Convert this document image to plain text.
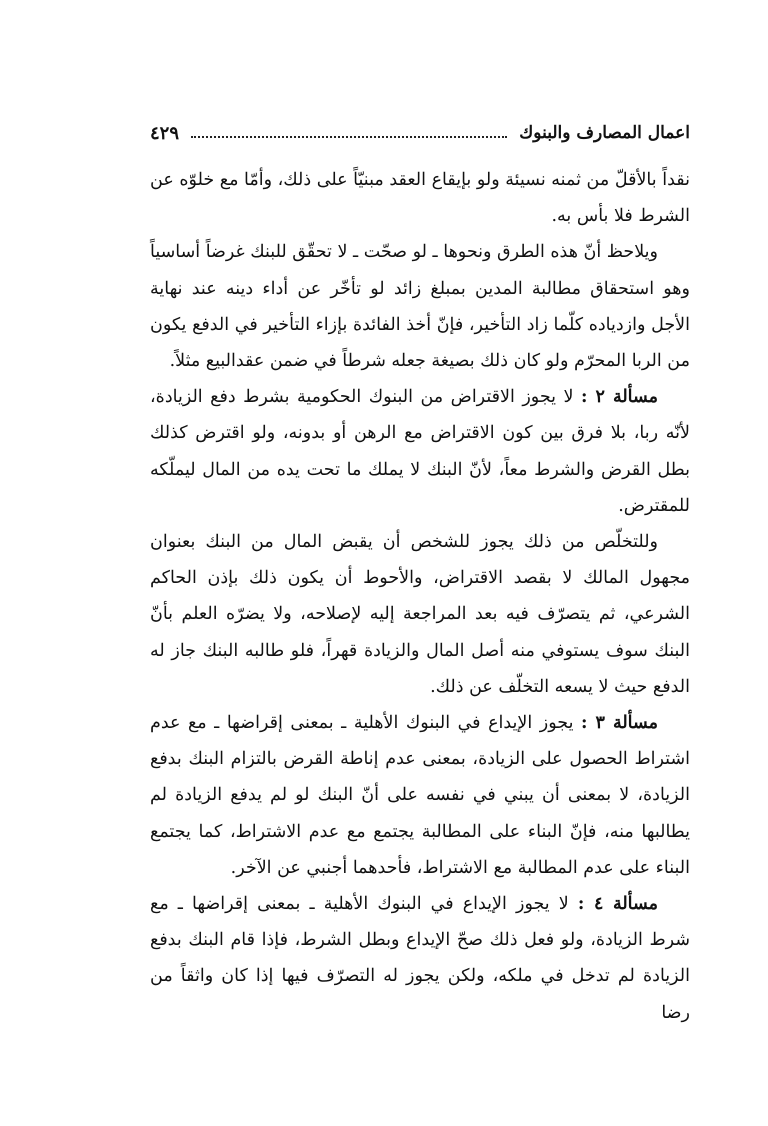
اعمال المصارف والبنوك
٤٢٩

نقداً بالأقلّ من ثمنه نسيئة ولو بإيقاع العقد مبنيّاً على ذلك، وأمّا مع خلوّه عن الشرط فلا بأس به.

ويلاحظ أنّ هذه الطرق ونحوها ـ لو صحّت ـ لا تحقّق للبنك غرضاً أساسياً وهو استحقاق مطالبة المدين بمبلغ زائد لو تأخّر عن أداء دينه عند نهاية الأجل وازدياده كلّما زاد التأخير، فإنّ أخذ الفائدة بإزاء التأخير في الدفع يكون من الربا المحرّم ولو كان ذلك بصيغة جعله شرطاً في ضمن عقدالبيع مثلاً.

مسألة ٢ : لا يجوز الاقتراض من البنوك الحكومية بشرط دفع الزيادة، لأنّه ربا، بلا فرق بين كون الاقتراض مع الرهن أو بدونه، ولو اقترض كذلك بطل القرض والشرط معاً، لأنّ البنك لا يملك ما تحت يده من المال ليملّكه للمقترض.

وللتخلّص من ذلك يجوز للشخص أن يقبض المال من البنك بعنوان مجهول المالك لا بقصد الاقتراض، والأحوط أن يكون ذلك بإذن الحاكم الشرعي، ثم يتصرّف فيه بعد المراجعة إليه لإصلاحه، ولا يضرّه العلم بأنّ البنك سوف يستوفي منه أصل المال والزيادة قهراً، فلو طالبه البنك جاز له الدفع حيث لا يسعه التخلّف عن ذلك.

مسألة ٣ : يجوز الإيداع في البنوك الأهلية ـ بمعنى إقراضها ـ مع عدم اشتراط الحصول على الزيادة، بمعنى عدم إناطة القرض بالتزام البنك بدفع الزيادة، لا بمعنى أن يبني في نفسه على أنّ البنك لو لم يدفع الزيادة لم يطالبها منه، فإنّ البناء على المطالبة يجتمع مع عدم الاشتراط، كما يجتمع البناء على عدم المطالبة مع الاشتراط، فأحدهما أجنبي عن الآخر.

مسألة ٤ : لا يجوز الإيداع في البنوك الأهلية ـ بمعنى إقراضها ـ مع شرط الزيادة، ولو فعل ذلك صحّ الإيداع وبطل الشرط، فإذا قام البنك بدفع الزيادة لم تدخل في ملكه، ولكن يجوز له التصرّف فيها إذا كان واثقاً من رضا
